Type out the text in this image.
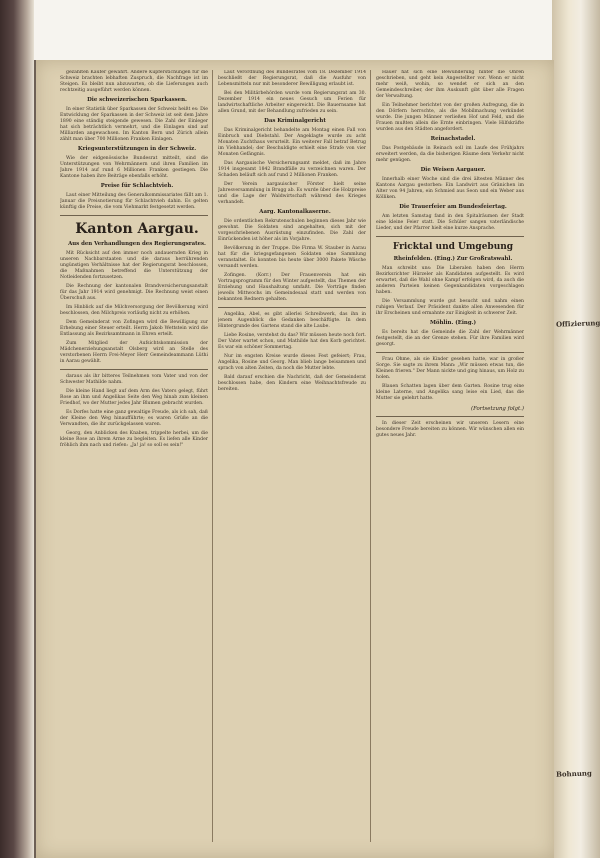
gezählten Käufer gewährt. Andere Kupferstichungen für die Schweiz brachten lebhaften Zuspruch, die Nachfrage ist im Steigen. Es bleibt nun abzuwarten, ob die Lieferungen auch rechtzeitig ausgeführt werden können.

Die schweizerischen Sparkassen.

In einer Statistik über Sparkassen der Schweiz heißt es: Die Entwicklung der Sparkassen in der Schweiz ist seit dem Jahre 1890 eine ständig steigende gewesen. Die Zahl der Einleger hat sich beträchtlich vermehrt, und die Einlagen sind auf Milliarden angewachsen. Im Kanton Bern und Zürich allein zählt man über 700 Millionen Franken Einlagen.

Kriegsunterstützungen in der Schweiz.

Wie der eidgenössische Bundesrat mitteilt, sind die Unterstützungen von Wehrmännern und ihren Familien im Jahre 1914 auf rund 6 Millionen Franken gestiegen. Die Kantone haben ihre Beiträge ebenfalls erhöht.

Preise für Schlachtvieh.

Laut einer Mitteilung des Generalkommissariates fällt am 1. Januar die Preisnotierung für Schlachtvieh dahin. Es gelten künftig die Preise, die vom Viehmarkt festgesetzt werden.

Kanton Aargau.

Aus den Verhandlungen des Regierungsrates.

Mit Rücksicht auf den immer noch andauernden Krieg in unseren Nachbarstaaten und die daraus herrührenden ungünstigen Verhältnisse hat der Regierungsrat beschlossen, die Maßnahmen betreffend die Unterstützung der Notleidenden fortzusetzen.

Die Rechnung der kantonalen Brandversicherungsanstalt für das Jahr 1914 wird genehmigt. Die Rechnung weist einen Überschuß aus.

Im Hinblick auf die Milchversorgung der Bevölkerung wird beschlossen, den Milchpreis vorläufig nicht zu erhöhen.

Dem Gemeinderat von Zofingen wird die Bewilligung zur Erhebung einer Steuer erteilt. Herrn Jakob Wettstein wird die Entlassung als Bezirksamtmann in Ehren erteilt.

Zum Mitglied der Aufsichtskommission der Mädchenerziehungsanstalt Olsberg wird an Stelle des verstorbenen Herrn Frei-Meyer Herr Gemeindeammann Lüthi in Aarau gewählt.

daraus als ihr bitteres Teilnehmen vom Vater und von der Schwester Mathilde nahm.

Die kleine Hand liegt auf dem Arm des Vaters gelegt, führt Rose an ihm und Angelikas Seite den Weg hinab zum kleinen Friedhof, wo der Mutter jedes Jahr Blumen gebracht wurden.

Es Dorfes hatte eine ganz gewaltige Freude, als ich sah, daß der Kleine den Weg hinaufführte; es waren Grüße an die Verwandten, die ihr zurückgelassen waren.

Georg, den Anblicken des Knaben, trippelte herbei, um die kleine Rose an ihrem Arme zu begleiten. Es liefen alle Kinder fröhlich ihm nach und riefen: „Ja! ja! so soll es sein!"

Laut Verordnung des Bundesrates vom 18. Dezember 1914 beschließt der Regierungsrat, daß die Ausfuhr von Lebensmitteln nur mit besonderer Bewilligung erlaubt ist.

Bei den Militärbehörden wurde vom Regierungsrat am 30. Dezember 1914 ein neues Gesuch um Ferien für landwirtschaftliche Arbeiter eingereicht. Die Bauernsame hat allen Grund, mit der Behandlung zufrieden zu sein.

Das Kriminalgericht

Das Kriminalgericht behandelte am Montag einen Fall von Einbruch und Diebstahl. Der Angeklagte wurde zu acht Monaten Zuchthaus verurteilt. Ein weiterer Fall betraf Betrug im Viehhandel; der Beschuldigte erhielt eine Strafe von vier Monaten Gefängnis.

Das Aargauische Versicherungsamt meldet, daß im Jahre 1914 insgesamt 1842 Brandfälle zu verzeichnen waren. Der Schaden beläuft sich auf rund 2 Millionen Franken.

Der Verein aargauischer Förster hielt seine Jahresversammlung in Brugg ab. Es wurde über die Holzpreise und die Lage der Waldwirtschaft während des Krieges verhandelt.

Aarg. Kantonalkaserne.

Die ordentlichen Rekrutenschulen beginnen dieses Jahr wie gewohnt. Die Soldaten sind angehalten, sich mit der vorgeschriebenen Ausrüstung einzufinden. Die Zahl der Einrückenden ist höher als im Vorjahre.

Bevölkerung in der Truppe. Die Firma W. Stauber in Aarau hat für die kriegsgefangenen Soldaten eine Sammlung veranstaltet. Es konnten bis heute über 3000 Pakete Wäsche versandt werden.

Zofingen. (Korr.) Der Frauenverein hat ein Vortragsprogramm für den Winter aufgestellt, das Themen der Erziehung und Haushaltung umfaßt. Die Vorträge finden jeweils Mittwochs im Gemeindesaal statt und werden von bekannten Rednern gehalten.

Angelika, Abel, es gibt allerlei Schreibwerk, das ihn in jenem Augenblick die Gedanken beschäftigte. In dem Hintergrunde des Gartens stand die alte Laube.

Liebe Rosine, verstehst du das? Wir müssen heute noch fort. Der Vater wartet schon, und Mathilde hat den Korb gerichtet. Es war ein schöner Sommertag.

Nur im engsten Kreise wurde dieses Fest gefeiert; Frau, Angelika, Rosine und Georg. Man blieb lange beisammen und sprach von alten Zeiten, da noch die Mutter lebte.

Bald darauf erschien die Nachricht, daß der Gemeinderat beschlossen habe, den Kindern eine Weihnachtsfreude zu bereiten.

Hauer hat sich eine Bewunderung hinter die Ohren geschrieben, und geht kein Angestellter vor. Wenn er nicht mehr weiß, wohin, so wendet er sich an den Gemeindeschreiber, der ihm Auskunft gibt über alle Fragen der Verwaltung.

Ein Teilnehmer berichtet von der großen Aufregung, die in den Dörfern herrschte, als die Mobilmachung verkündet wurde. Die jungen Männer verließen Hof und Feld, und die Frauen mußten allein die Ernte einbringen. Viele Hilfskräfte wurden aus den Städten angefordert.

Reinachstadel.

Das Postgebäude in Reinach soll im Laufe des Frühjahrs erweitert werden, da die bisherigen Räume dem Verkehr nicht mehr genügen.

Die Weisen Aargauer.

Innerhalb einer Woche sind die drei ältesten Männer des Kantons Aargau gestorben: Ein Landwirt aus Gränichen im Alter von 94 Jahren, ein Schmied aus Seon und ein Weber aus Kölliken.

Die Trauerfeier am Bundesfeiertag.

Am letzten Samstag fand in den Spitalräumen der Stadt eine kleine Feier statt. Die Schüler sangen vaterländische Lieder, und der Pfarrer hielt eine kurze Ansprache.

Fricktal und Umgebung

Rheinfelden. (Eing.) Zur Großratswahl.

Man schreibt uns: Die Liberalen haben den Herrn Bezirksrichter Hürzeler als Kandidaten aufgestellt. Es wird erwartet, daß die Wahl ohne Kampf erfolgen wird, da auch die anderen Parteien keinen Gegenkandidaten vorgeschlagen haben.

Die Versammlung wurde gut besucht und nahm einen ruhigen Verlauf. Der Präsident dankte allen Anwesenden für ihr Erscheinen und ermahnte zur Einigkeit in schwerer Zeit.

Möhlin. (Eing.)

Es bereits hat die Gemeinde die Zahl der Wehrmänner festgestellt, die an der Grenze stehen. Für ihre Familien wird gesorgt.

Frau Ohme, als sie Kinder gesehen hatte, war in großer Sorge. Sie sagte zu ihrem Mann: „Wir müssen etwas tun, die Kleinen frieren." Der Mann nickte und ging hinaus, um Holz zu holen.

Blauen Schatten lagen über dem Garten. Rosine trug eine kleine Laterne, und Angelika sang leise ein Lied, das die Mutter sie gelehrt hatte.

(Fortsetzung folgt.)

In dieser Zeit erscheinen wir unseren Lesern eine besondere Freude bereiten zu können. Wir wünschen allen ein gutes neues Jahr.

Offizierung
Bohnung
